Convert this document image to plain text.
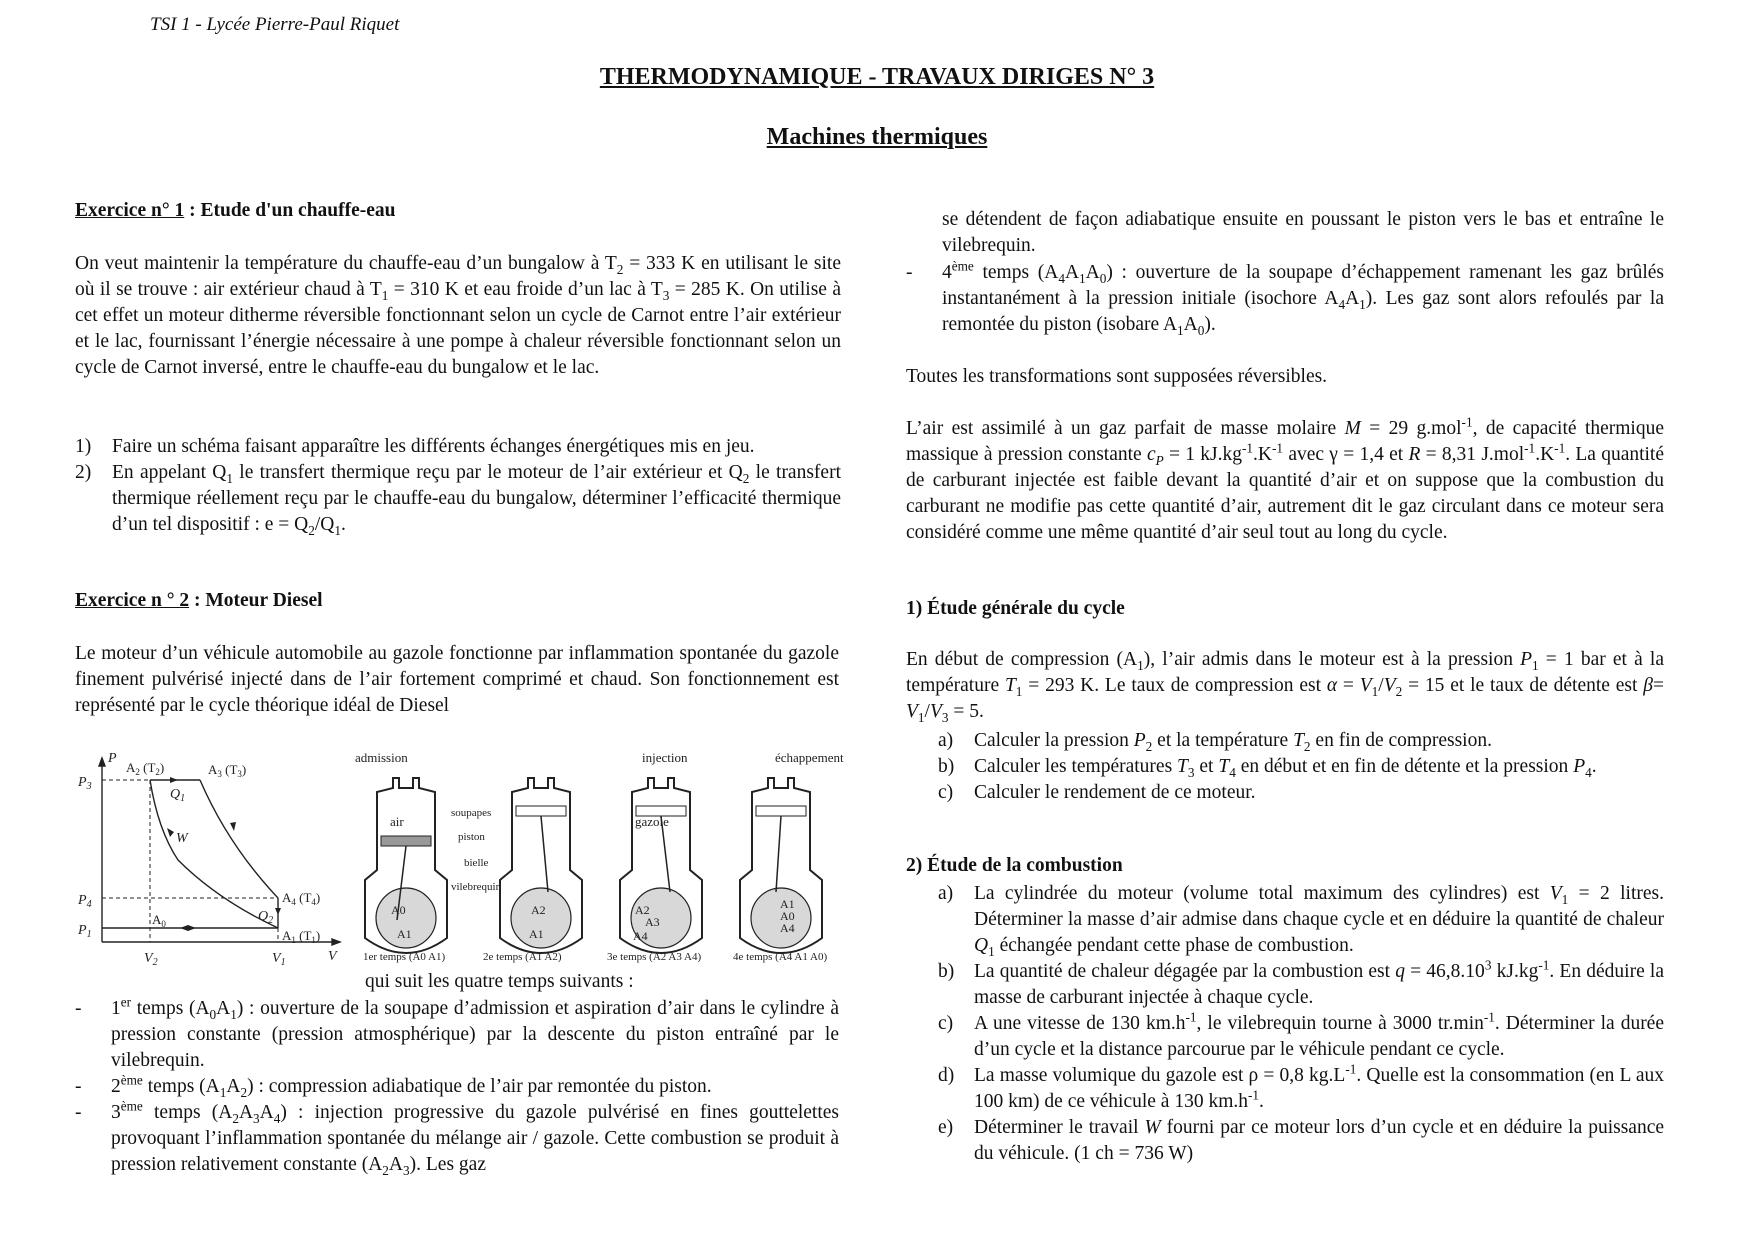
TSI 1 - Lycée Pierre-Paul Riquet
THERMODYNAMIQUE - TRAVAUX DIRIGES N° 3
Machines thermiques
Exercice n° 1 : Etude d'un chauffe-eau
On veut maintenir la température du chauffe-eau d’un bungalow à $T_2 = 333$ K en utilisant le site où il se trouve : air extérieur chaud à $T_1 = 310$ K et eau froide d’un lac à $T_3 = 285$ K. On utilise à cet effet un moteur ditherme réversible fonctionnant selon un cycle de Carnot entre l’air extérieur et le lac, fournissant l’énergie nécessaire à une pompe à chaleur réversible fonctionnant selon un cycle de Carnot inversé, entre le chauffe-eau du bungalow et le lac.
1)	Faire un schéma faisant apparaître les différents échanges énergétiques mis en jeu.
2)	En appelant $Q_1$ le transfert thermique reçu par le moteur de l’air extérieur et $Q_2$ le transfert thermique réellement reçu par le chauffe-eau du bungalow, déterminer l’efficacité thermique d’un tel dispositif : $e = Q_2/Q_1$.
Exercice n ° 2 : Moteur Diesel
Le moteur d’un véhicule automobile au gazole fonctionne par inflammation spontanée du gazole finement pulvérisé injecté dans de l’air fortement comprimé et chaud. Son fonctionnement est représenté par le cycle théorique idéal de Diesel
P
V
$P_3$
$P_4$
$P_1$
$V_2$	$V_1$
W
$Q_1$
$Q_2$
$A_2$ $(T_2)$	$A_3$ $(T_3)$
$A_4$ $(T_4)$
$A_0$
$A_1$ $(T_1)$
admission	injection	échappement
air	gazole
soupapes
piston
bielle
vilebrequin
A0
A1
A2
A1
A2
A3
A4
A1
A0
A4
1er temps (A0 A1)	2e temps (A1 A2)	3e temps (A2 A3 A4)	4e temps (A4 A1 A0)
qui suit les quatre temps suivants :
-	1er temps $(A_0A_1)$ : ouverture de la soupape d’admission et aspiration d’air dans le cylindre à pression constante (pression atmosphérique) par la descente du piston entraîné par le vilebrequin.
-	2ème temps $(A_1A_2)$ : compression adiabatique de l’air par remontée du piston.
-	3ème temps $(A_2A_3A_4)$ : injection progressive du gazole pulvérisé en fines gouttelettes provoquant l’inflammation spontanée du mélange air / gazole. Cette combustion se produit à pression relativement constante $(A_2A_3)$. Les gaz
se détendent de façon adiabatique ensuite en poussant le piston vers le bas et entraîne le vilebrequin.
-	4ème temps $(A_4A_1A_0)$ : ouverture de la soupape d’échappement ramenant les gaz brûlés instantanément à la pression initiale (isochore $A_4A_1$). Les gaz sont alors refoulés par la remontée du piston (isobare $A_1A_0$).
Toutes les transformations sont supposées réversibles.
L’air est assimilé à un gaz parfait de masse molaire M = 29 g.mol$^{-1}$, de capacité thermique massique à pression constante $c_P = 1$ $kJ.kg^{-1}.K^{-1}$ avec γ = 1,4 et R = 8,31 $J.mol^{-1}.K^{-1}$. La quantité de carburant injectée est faible devant la quantité d’air et on suppose que la combustion du carburant ne modifie pas cette quantité d’air, autrement dit le gaz circulant dans ce moteur sera considéré comme une même quantité d’air seul tout au long du cycle.
1) Étude générale du cycle
En début de compression $(A_1)$, l’air admis dans le moteur est à la pression $P_1 = 1$ bar et à la température $T_1 = 293$ K. Le taux de compression est $\alpha = V_1/V_2 = 15$ et le taux de détente est $\beta= V_1/V_3 = 5$.
a)	Calculer la pression $P_2$ et la température $T_2$ en fin de compression.
b)	Calculer les températures $T_3$ et $T_4$ en début et en fin de détente et la pression $P_4$.
c)	Calculer le rendement de ce moteur.
2) Étude de la combustion
a)	La cylindrée du moteur (volume total maximum des cylindres) est $V_1 = 2$ litres. Déterminer la masse d’air admise dans chaque cycle et en déduire la quantité de chaleur $Q_1$ échangée pendant cette phase de combustion.
b)	La quantité de chaleur dégagée par la combustion est $q = 46,8.10^3$ $kJ.kg^{-1}$. En déduire la masse de carburant injectée à chaque cycle.
c)	A une vitesse de 130 $km.h^{-1}$, le vilebrequin tourne à 3000 $tr.\min^{-1}$. Déterminer la durée d’un cycle et la distance parcourue par le véhicule pendant ce cycle.
d)	La masse volumique du gazole est ρ = 0,8 $kg.L^{-1}$. Quelle est la consommation (en L aux 100 km) de ce véhicule à 130 $km.h^{-1}$.
e)	Déterminer le travail W fourni par ce moteur lors d’un cycle et en déduire la puissance du véhicule. (1 ch = 736 W)
